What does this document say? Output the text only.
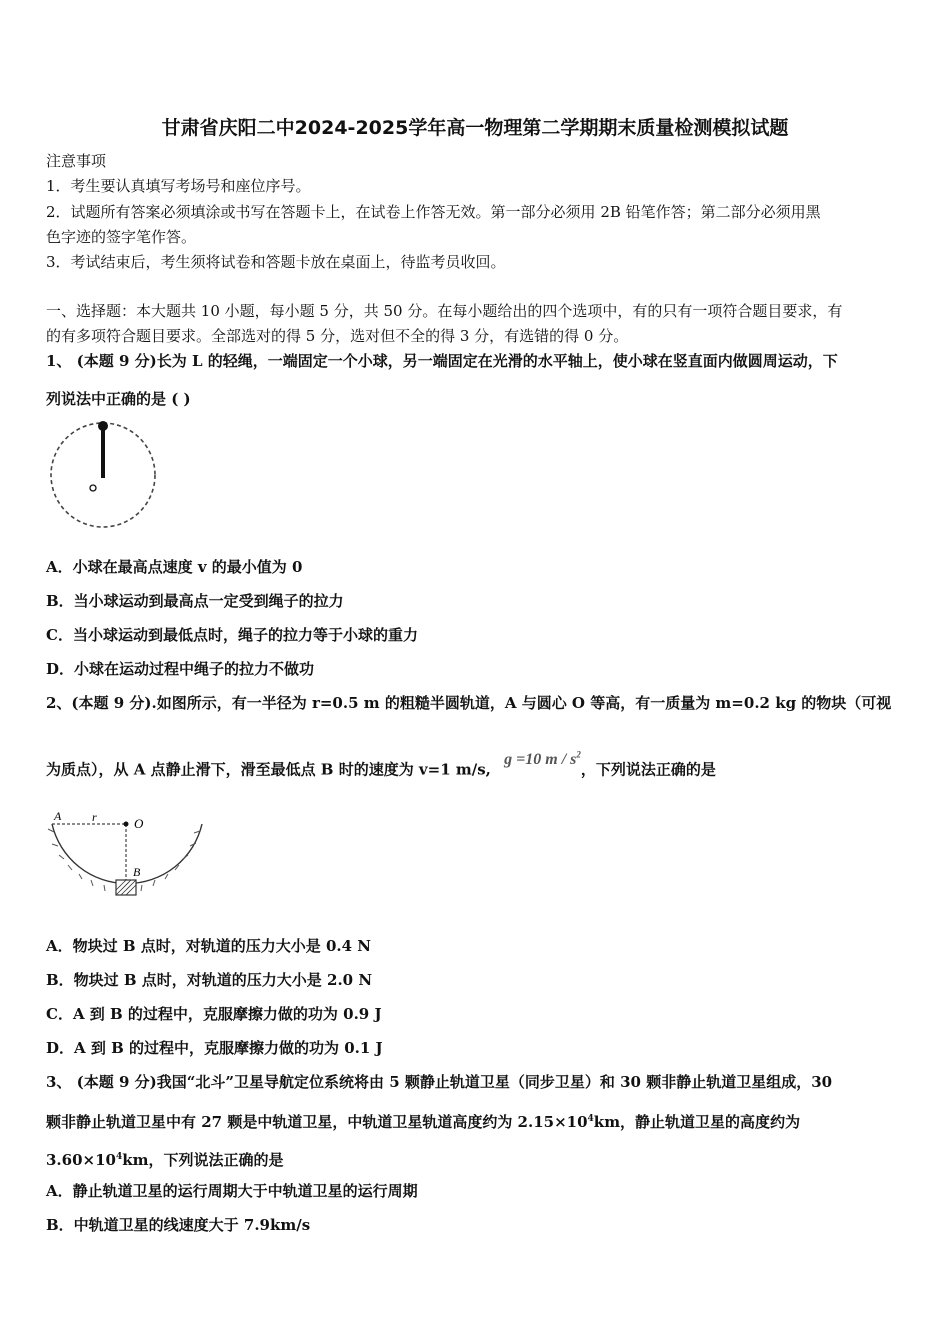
甘肃省庆阳二中2024-2025学年高一物理第二学期期末质量检测模拟试题
注意事项
1．考生要认真填写考场号和座位序号。
2．试题所有答案必须填涂或书写在答题卡上，在试卷上作答无效。第一部分必须用 2B 铅笔作答；第二部分必须用黑
色字迹的签字笔作答。
3．考试结束后，考生须将试卷和答题卡放在桌面上，待监考员收回。
一、选择题：本大题共 10 小题，每小题 5 分，共 50 分。在每小题给出的四个选项中，有的只有一项符合题目要求，有
的有多项符合题目要求。全部选对的得 5 分，选对但不全的得 3 分，有选错的得 0 分。
1、 (本题 9 分)长为 L 的轻绳，一端固定一个小球，另一端固定在光滑的水平轴上，使小球在竖直面内做圆周运动，下
列说法中正确的是 ( )
A．小球在最高点速度 v 的最小值为 0
B．当小球运动到最高点一定受到绳子的拉力
C．当小球运动到最低点时，绳子的拉力等于小球的重力
D．小球在运动过程中绳子的拉力不做功
2、(本题 9 分).如图所示，有一半径为 r=0.5 m 的粗糙半圆轨道，A 与圆心 O 等高，有一质量为 m=0.2 kg 的物块（可视
为质点），从 A 点静止滑下，滑至最低点 B 时的速度为 v=1 m/s, g =10 m / $s^2$，下列说法正确的是
A	r	O
B
A．物块过 B 点时，对轨道的压力大小是 0.4 N
B．物块过 B 点时，对轨道的压力大小是 2.0 N
C．A 到 B 的过程中，克服摩擦力做的功为 0.9 J
D．A 到 B 的过程中，克服摩擦力做的功为 0.1 J
3、 (本题 9 分)我国“北斗”卫星导航定位系统将由 5 颗静止轨道卫星（同步卫星）和 30 颗非静止轨道卫星组成，30
颗非静止轨道卫星中有 27 颗是中轨道卫星，中轨道卫星轨道高度约为 $2.15\times 10^4km$，静止轨道卫星的高度约为
$3.60\times 10^4km$，下列说法正确的是
A．静止轨道卫星的运行周期大于中轨道卫星的运行周期
B．中轨道卫星的线速度大于 7.9km/s
